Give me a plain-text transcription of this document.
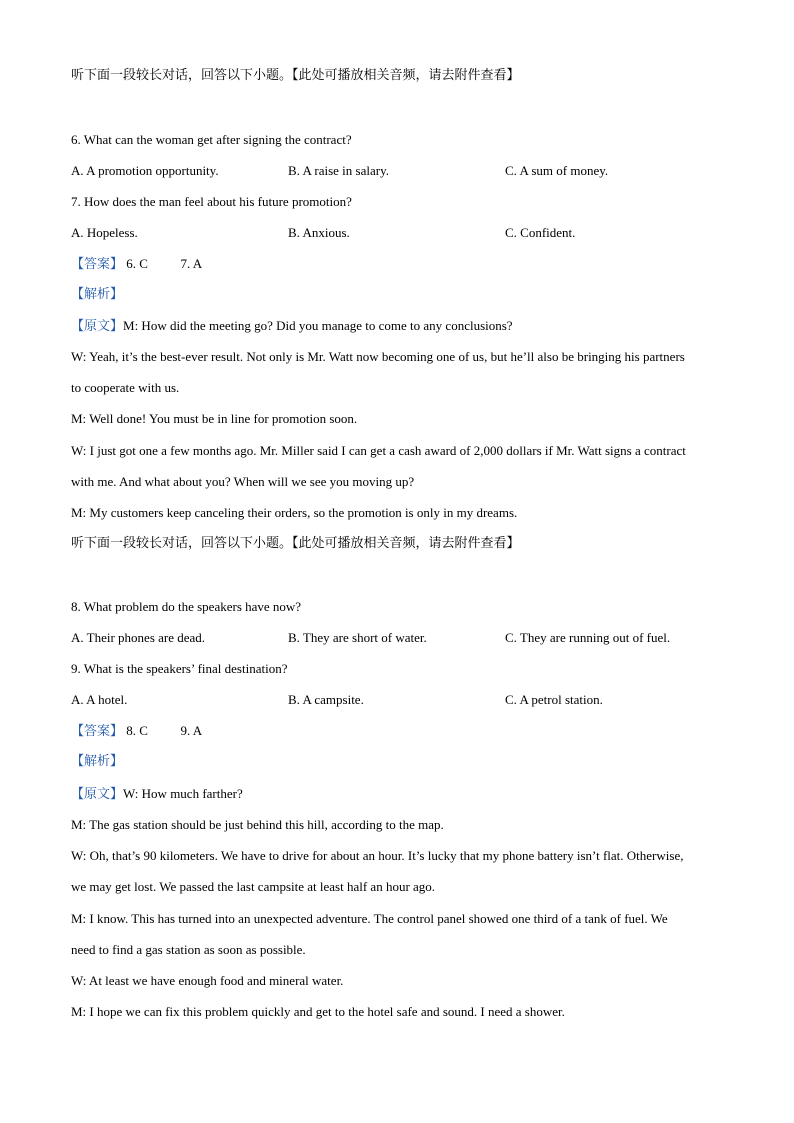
听下面一段较长对话，回答以下小题。【此处可播放相关音频，请去附件查看】
6. What can the woman get after signing the contract?
A. A promotion opportunity.	B. A raise in salary.	C. A sum of money.
7. How does the man feel about his future promotion?
A. Hopeless.	B. Anxious.	C. Confident.
【答案】 6. C	7. A
【解析】
【原文】M: How did the meeting go? Did you manage to come to any conclusions?
W: Yeah, it’s the best-ever result. Not only is Mr. Watt now becoming one of us, but he’ll also be bringing his partners
to cooperate with us.
M: Well done! You must be in line for promotion soon.
W: I just got one a few months ago. Mr. Miller said I can get a cash award of 2,000 dollars if Mr. Watt signs a contract
with me. And what about you? When will we see you moving up?
M: My customers keep canceling their orders, so the promotion is only in my dreams.
听下面一段较长对话，回答以下小题。【此处可播放相关音频，请去附件查看】
8. What problem do the speakers have now?
A. Their phones are dead.	B. They are short of water.	C. They are running out of fuel.
9. What is the speakers’ final destination?
A. A hotel.	B. A campsite.	C. A petrol station.
【答案】 8. C	9. A
【解析】
【原文】W: How much farther?
M: The gas station should be just behind this hill, according to the map.
W: Oh, that’s 90 kilometers. We have to drive for about an hour. It’s lucky that my phone battery isn’t flat. Otherwise,
we may get lost. We passed the last campsite at least half an hour ago.
M: I know. This has turned into an unexpected adventure. The control panel showed one third of a tank of fuel. We
need to find a gas station as soon as possible.
W: At least we have enough food and mineral water.
M: I hope we can fix this problem quickly and get to the hotel safe and sound. I need a shower.
